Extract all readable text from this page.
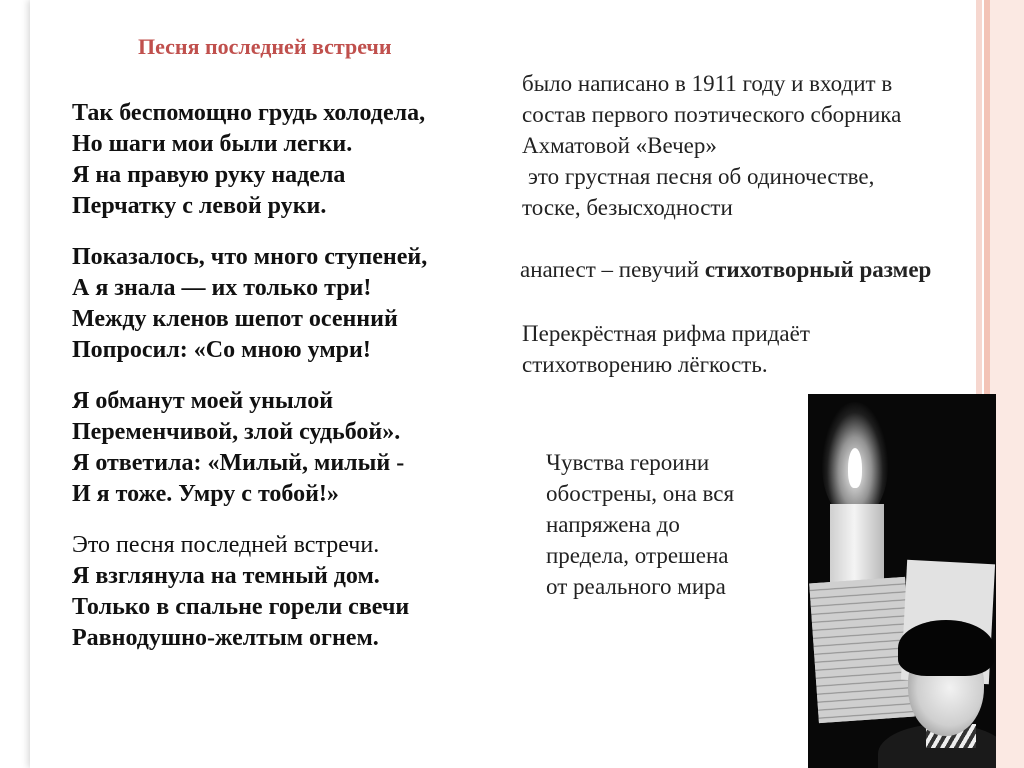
Песня последней встречи
Так беспомощно грудь холодела,
Но шаги мои были легки.
Я на правую руку надела
Перчатку с левой руки.
Показалось, что много ступеней,
А я знала — их только три!
Между кленов шепот осенний
Попросил: «Со мною умри!
Я обманут моей унылой
Переменчивой, злой судьбой».
Я ответила: «Милый, милый -
И я тоже. Умру с тобой!»
Это песня последней встречи.
Я взглянула на темный дом.
Только в спальне горели свечи
Равнодушно-желтым огнем.
было написано в 1911 году и входит в
состав первого поэтического сборника
Ахматовой «Вечер»
это грустная песня об одиночестве,
тоске, безысходности
анапест – певучий стихотворный размер
Перекрёстная рифма придаёт
стихотворению лёгкость.
Чувства героини
обострены, она вся
напряжена до
предела, отрешена
от реального мира
